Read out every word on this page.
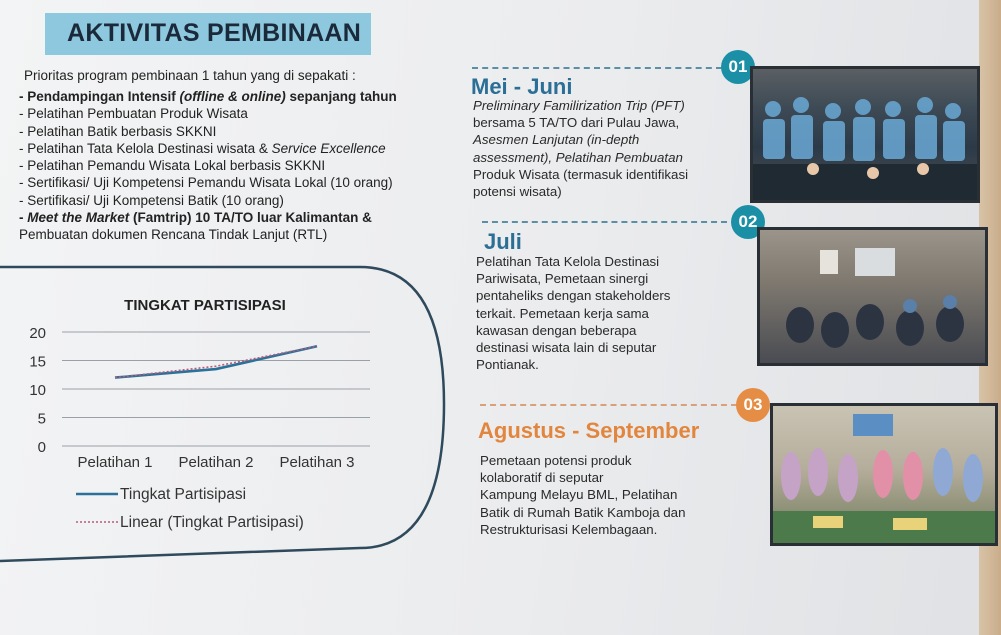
AKTIVITAS PEMBINAAN
Prioritas program pembinaan 1 tahun yang di sepakati :
- Pendampingan Intensif (offline & online) sepanjang tahun
- Pelatihan Pembuatan Produk Wisata
- Pelatihan Batik berbasis SKKNI
- Pelatihan Tata Kelola Destinasi wisata & Service Excellence
- Pelatihan Pemandu Wisata Lokal berbasis SKKNI
- Sertifikasi/ Uji Kompetensi Pemandu Wisata Lokal (10 orang)
- Sertifikasi/ Uji Kompetensi Batik (10 orang)
- Meet the Market (Famtrip) 10 TA/TO luar Kalimantan &
Pembuatan dokumen Rencana Tindak Lanjut (RTL)
TINGKAT PARTISIPASI
0
5
10
15
20
Pelatihan 1 Pelatihan 2 Pelatihan 3
Tingkat Partisipasi
Linear (Tingkat Partisipasi)
01
Mei - Juni
Preliminary Familirization Trip (PFT)
bersama 5 TA/TO dari Pulau Jawa,
Asesmen Lanjutan (in-depth
assessment), Pelatihan Pembuatan
Produk Wisata (termasuk identifikasi
potensi wisata)
02
Juli
Pelatihan Tata Kelola Destinasi
Pariwisata, Pemetaan sinergi
pentaheliks dengan stakeholders
terkait. Pemetaan kerja sama
kawasan dengan beberapa
destinasi wisata lain di seputar
Pontianak.
03
Agustus - September
Pemetaan potensi produk
kolaboratif di seputar
Kampung Melayu BML, Pelatihan
Batik di Rumah Batik Kamboja dan
Restrukturisasi Kelembagaan.
